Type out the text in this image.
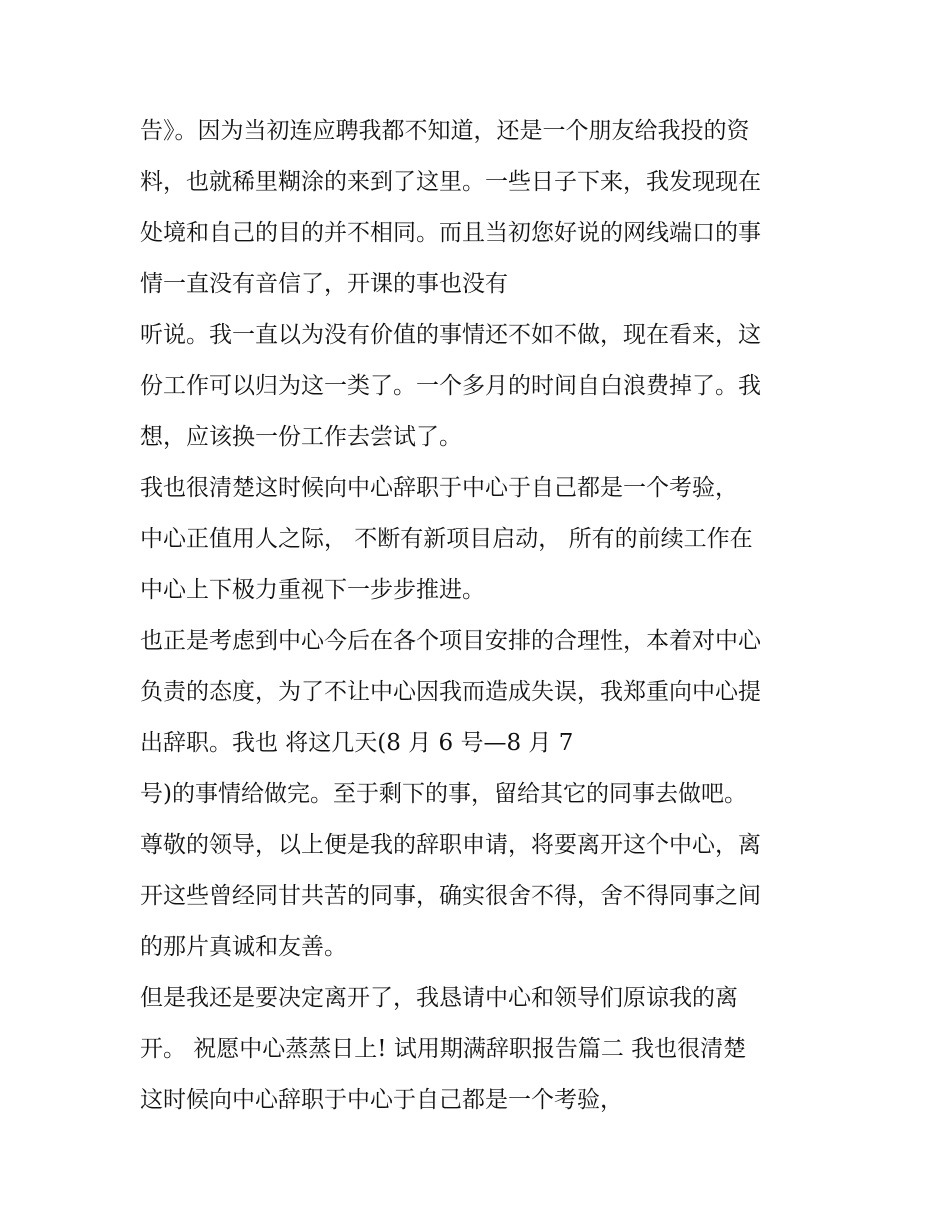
告》。因为当初连应聘我都不知道，还是一个朋友给我投的资
料，也就稀里糊涂的来到了这里。一些日子下来，我发现现在
处境和自己的目的并不相同。而且当初您好说的网线端口的事
情一直没有音信了，开课的事也没有
听说。我一直以为没有价值的事情还不如不做，现在看来，这
份工作可以归为这一类了。一个多月的时间自白浪费掉了。我
想，应该换一份工作去尝试了。
我也很清楚这时候向中心辞职于中心于自己都是一个考验，
中心正值用人之际， 不断有新项目启动， 所有的前续工作在
中心上下极力重视下一步步推进。
也正是考虑到中心今后在各个项目安排的合理性，本着对中心
负责的态度，为了不让中心因我而造成失误，我郑重向中心提
出辞职。我也 将这几天(8 月 6 号—8 月 7
号)的事情给做完。至于剩下的事，留给其它的同事去做吧。
尊敬的领导，以上便是我的辞职申请，将要离开这个中心，离
开这些曾经同甘共苦的同事，确实很舍不得，舍不得同事之间
的那片真诚和友善。
但是我还是要决定离开了，我恳请中心和领导们原谅我的离
开。 祝愿中心蒸蒸日上! 试用期满辞职报告篇二 我也很清楚
这时候向中心辞职于中心于自己都是一个考验，
